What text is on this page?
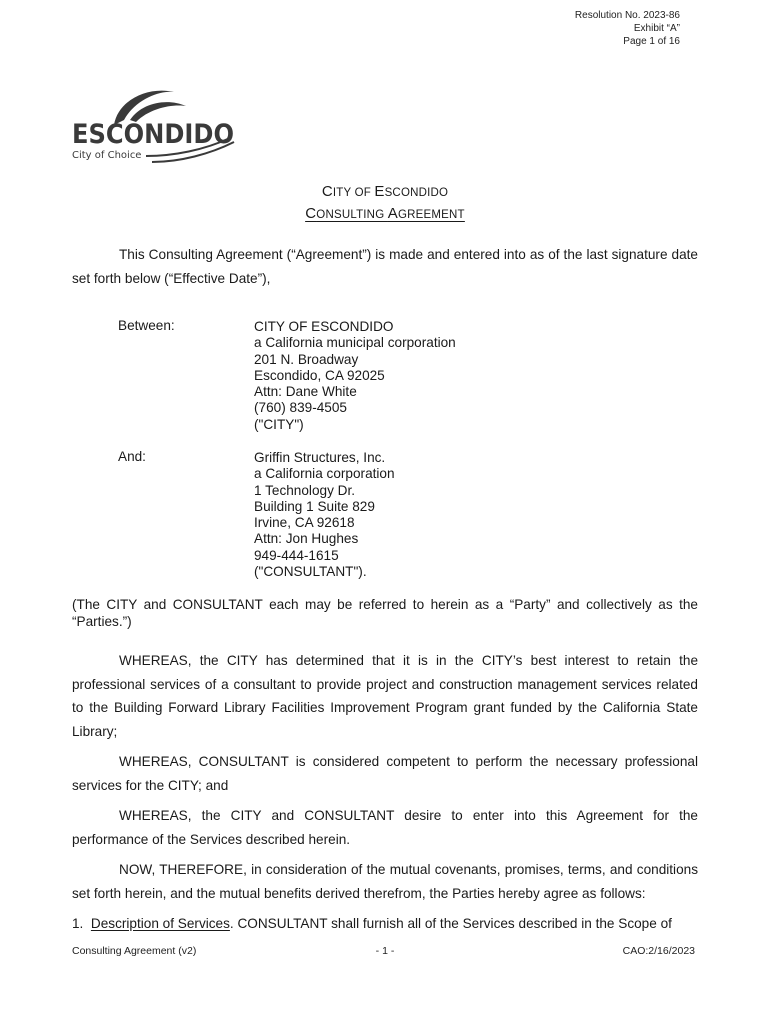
Resolution No. 2023-86
Exhibit “A”
Page 1 of 16
ESCONDIDO
City of Choice
CITY OF ESCONDIDO
CONSULTING AGREEMENT
This Consulting Agreement (“Agreement”) is made and entered into as of the last signature date set forth below (“Effective Date”),
Between:	CITY OF ESCONDIDO
a California municipal corporation
201 N. Broadway
Escondido, CA 92025
Attn: Dane White
(760) 839-4505
("CITY")
And:	Griffin Structures, Inc.
a California corporation
1 Technology Dr.
Building 1 Suite 829
Irvine, CA 92618
Attn: Jon Hughes
949-444-1615
("CONSULTANT").
(The CITY and CONSULTANT each may be referred to herein as a “Party” and collectively as the “Parties.”)
WHEREAS, the CITY has determined that it is in the CITY’s best interest to retain the professional services of a consultant to provide project and construction management services related to the Building Forward Library Facilities Improvement Program grant funded by the California State Library;
WHEREAS, CONSULTANT is considered competent to perform the necessary professional services for the CITY; and
WHEREAS, the CITY and CONSULTANT desire to enter into this Agreement for the performance of the Services described herein.
NOW, THEREFORE, in consideration of the mutual covenants, promises, terms, and conditions set forth herein, and the mutual benefits derived therefrom, the Parties hereby agree as follows:
1. Description of Services. CONSULTANT shall furnish all of the Services described in the Scope of
Consulting Agreement (v2)	- 1 -	CAO:2/16/2023
